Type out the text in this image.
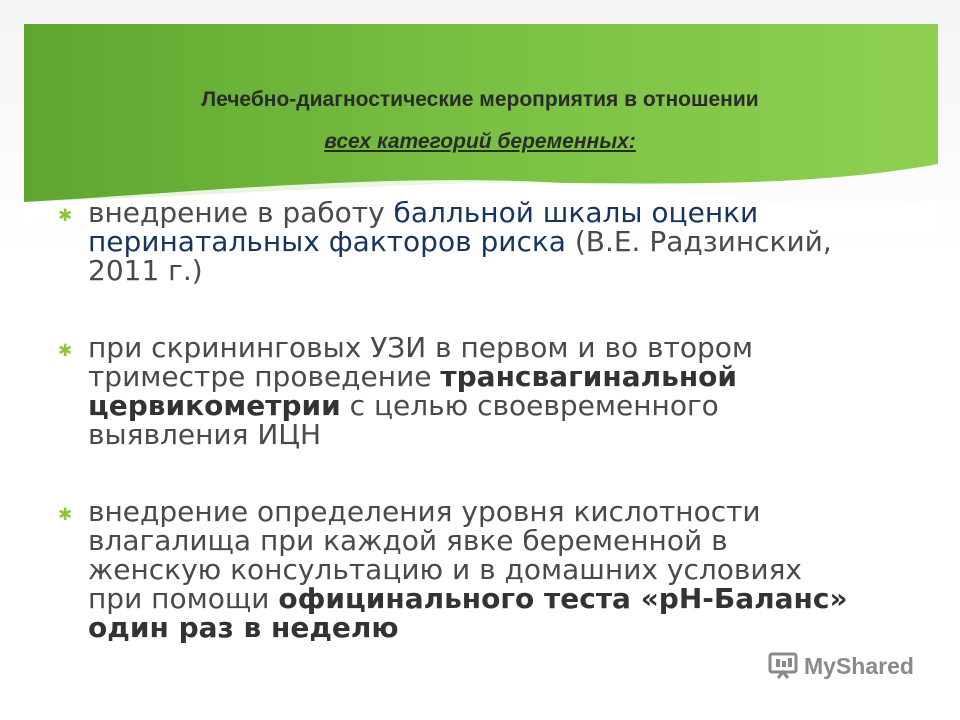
Лечебно-диагностические мероприятия в отношении
всех категорий беременных:
✱ внедрение в работу балльной шкалы оценки перинатальных факторов риска (В.Е. Радзинский, 2011 г.)
✱ при скрининговых УЗИ в первом и во втором триместре проведение трансвагинальной цервикометрии с целью своевременного выявления ИЦН
✱ внедрение определения уровня кислотности влагалища при каждой явке беременной в женскую консультацию и в домашних условиях при помощи официнального теста «рН-Баланс» один раз в неделю
MyShared
